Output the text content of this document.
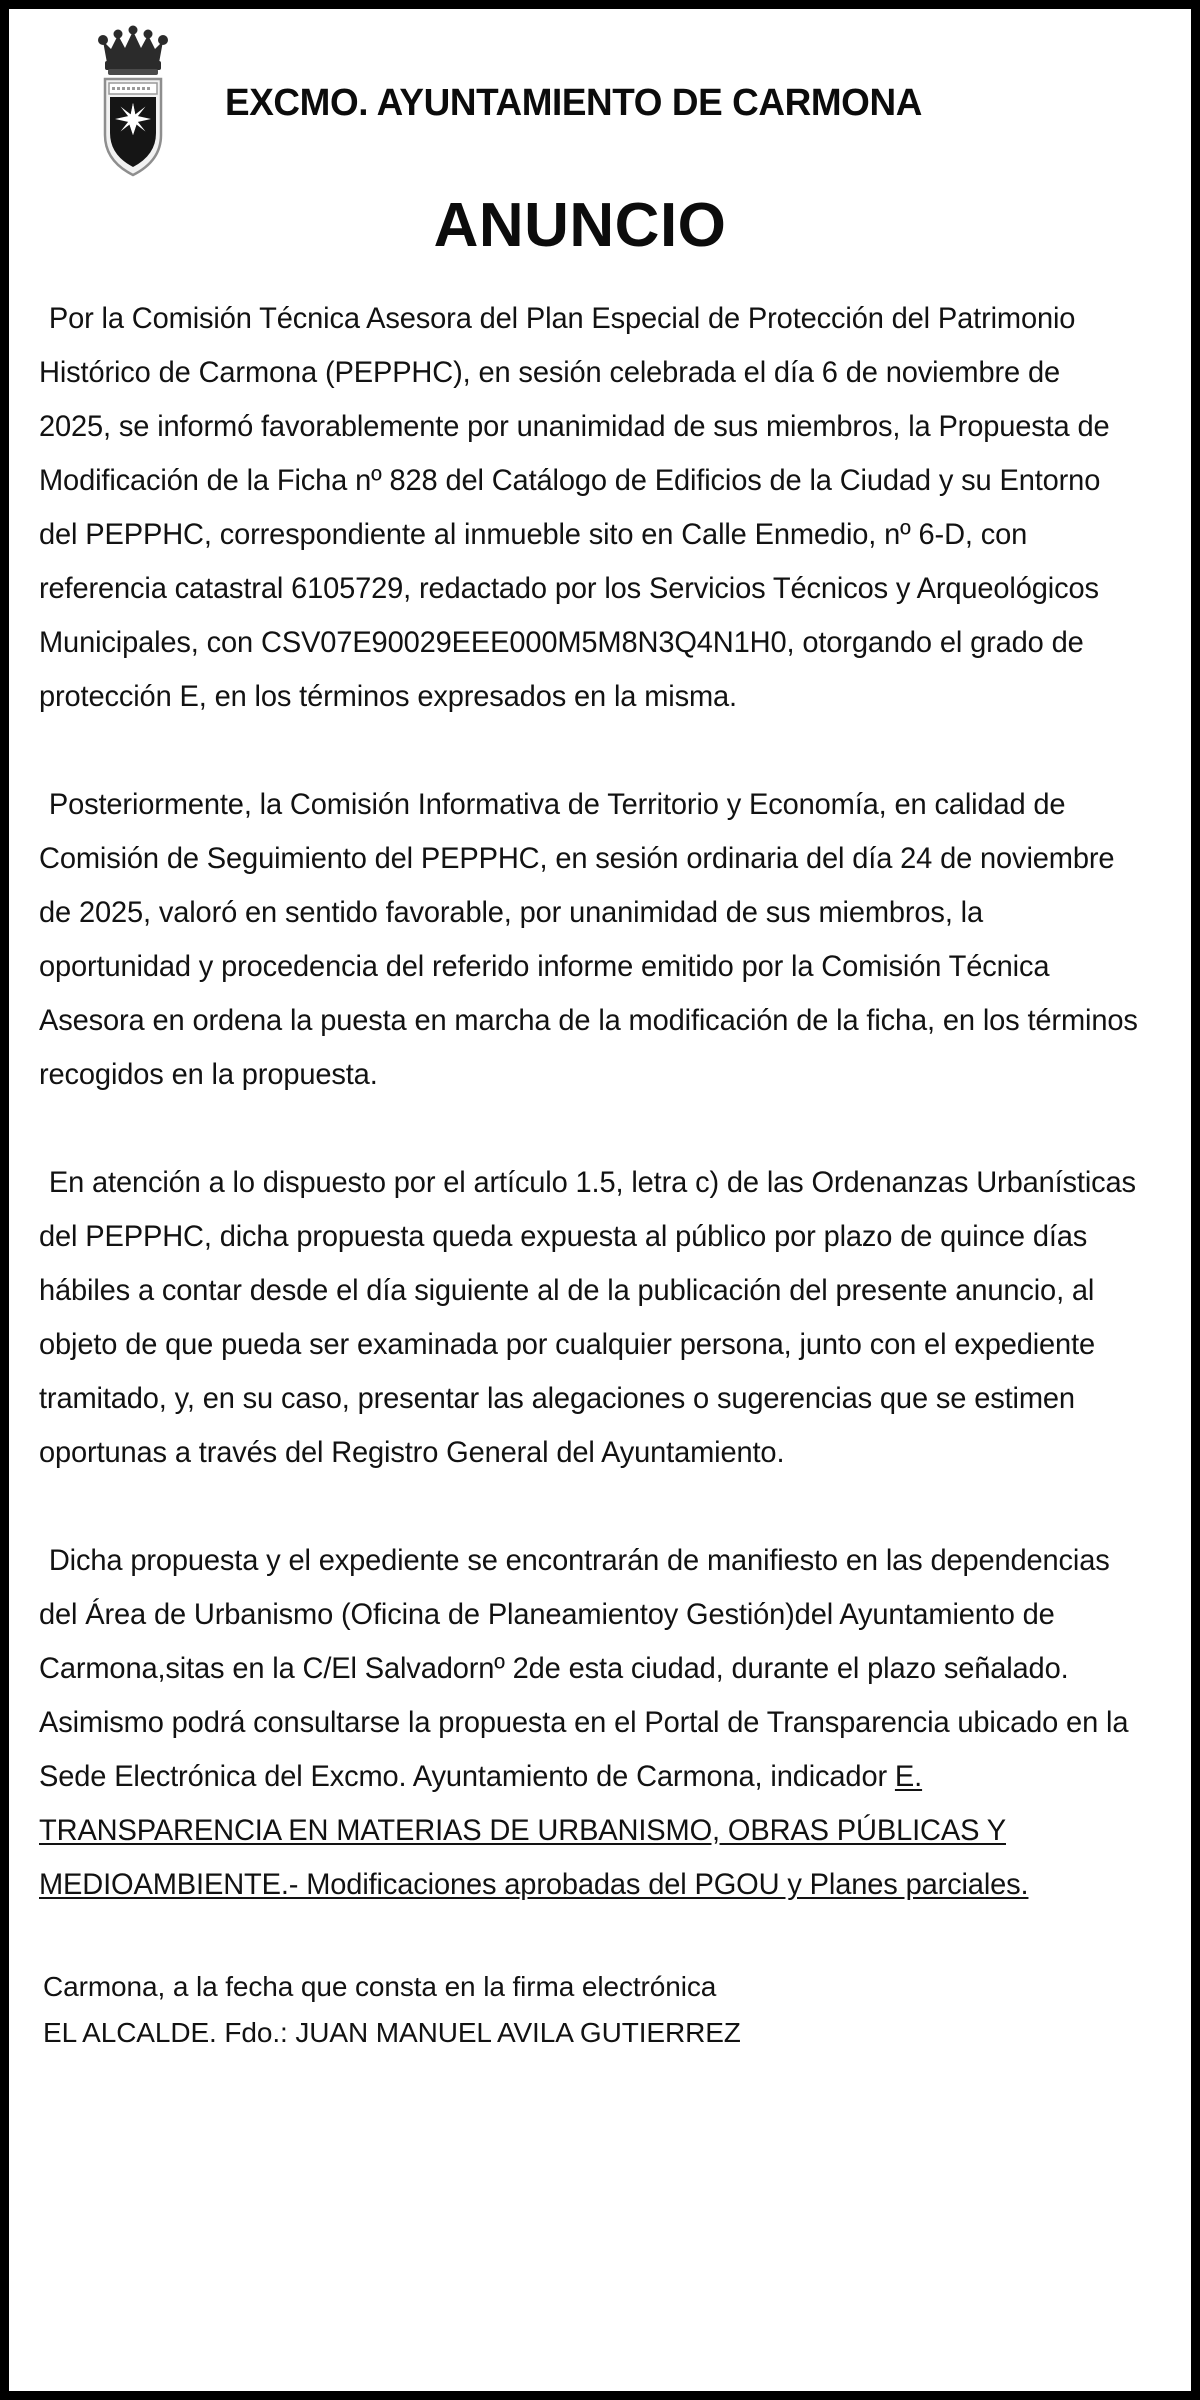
EXCMO. AYUNTAMIENTO DE CARMONA
ANUNCIO

Por la Comisión Técnica Asesora del Plan Especial de Protección del Patrimonio Histórico de Carmona (PEPPHC), en sesión celebrada el día 6 de noviembre de 2025, se informó favorablemente por unanimidad de sus miembros, la Propuesta de Modificación de la Ficha nº 828 del Catálogo de Edificios de la Ciudad y su Entorno del PEPPHC, correspondiente al inmueble sito en Calle Enmedio, nº 6-D, con referencia catastral 6105729, redactado por los Servicios Técnicos y Arqueológicos Municipales, con CSV07E90029EEE000M5M8N3Q4N1H0, otorgando el grado de protección E, en los términos expresados en la misma.

Posteriormente, la Comisión Informativa de Territorio y Economía, en calidad de Comisión de Seguimiento del PEPPHC, en sesión ordinaria del día 24 de noviembre de 2025, valoró en sentido favorable, por unanimidad de sus miembros, la oportunidad y procedencia del referido informe emitido por la Comisión Técnica Asesora en ordena la puesta en marcha de la modificación de la ficha, en los términos recogidos en la propuesta.

En atención a lo dispuesto por el artículo 1.5, letra c) de las Ordenanzas Urbanísticas del PEPPHC, dicha propuesta queda expuesta al público por plazo de quince días hábiles a contar desde el día siguiente al de la publicación del presente anuncio, al objeto de que pueda ser examinada por cualquier persona, junto con el expediente tramitado, y, en su caso, presentar las alegaciones o sugerencias que se estimen oportunas a través del Registro General del Ayuntamiento.

Dicha propuesta y el expediente se encontrarán de manifiesto en las dependencias del Área de Urbanismo (Oficina de Planeamientoy Gestión)del Ayuntamiento de Carmona,sitas en la C/El Salvadornº 2de esta ciudad, durante el plazo señalado. Asimismo podrá consultarse la propuesta en el Portal de Transparencia ubicado en la Sede Electrónica del Excmo. Ayuntamiento de Carmona, indicador E. TRANSPARENCIA EN MATERIAS DE URBANISMO, OBRAS PÚBLICAS Y MEDIOAMBIENTE.- Modificaciones aprobadas del PGOU y Planes parciales.

Carmona, a la fecha que consta en la firma electrónica
EL ALCALDE. Fdo.: JUAN MANUEL AVILA GUTIERREZ
